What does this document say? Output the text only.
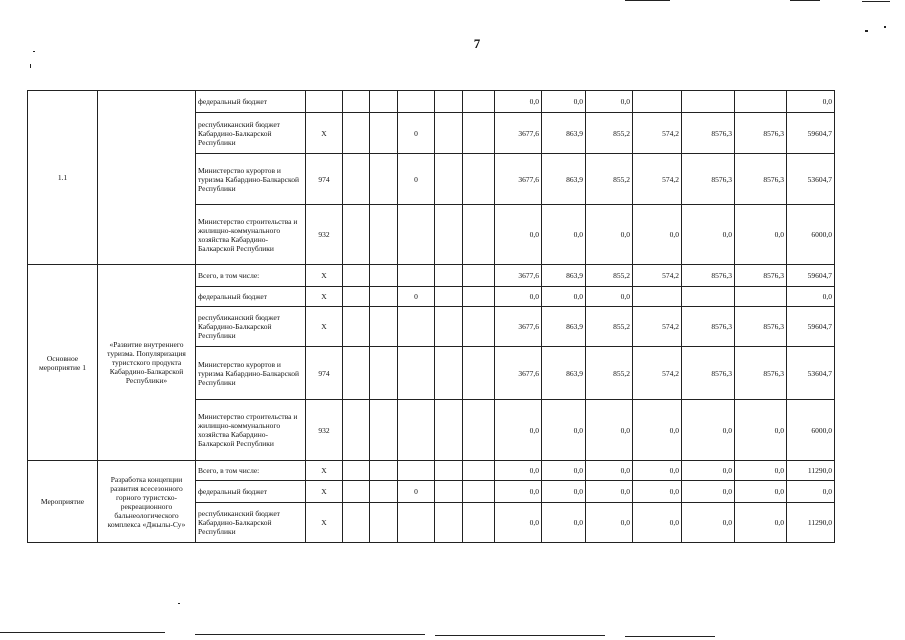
7
1.1		федеральный бюджет							0,0	0,0	0,0				0,0
		республиканский бюджет Кабардино-Балкарской Республики	Х			0			3677,6	863,9	855,2	574,2	8576,3	8576,3	59604,7
		Министерство курортов и туризма Кабардино-Балкарской Республики	974			0			3677,6	863,9	855,2	574,2	8576,3	8576,3	53604,7
		Министерство строительства и жилищно-коммунального хозяйства Кабардино-Балкарской Республики	932						0,0	0,0	0,0	0,0	0,0	0,0	6000,0
Основное мероприятие 1	«Развитие внутреннего туризма. Популяризация туристского продукта Кабардино-Балкарской Республики»	Всего, в том числе:	Х						3677,6	863,9	855,2	574,2	8576,3	8576,3	59604,7
		федеральный бюджет	Х			0			0,0	0,0	0,0				0,0
		республиканский бюджет Кабардино-Балкарской Республики	Х						3677,6	863,9	855,2	574,2	8576,3	8576,3	59604,7
		Министерство курортов и туризма Кабардино-Балкарской Республики	974						3677,6	863,9	855,2	574,2	8576,3	8576,3	53604,7
		Министерство строительства и жилищно-коммунального хозяйства Кабардино-Балкарской Республики	932						0,0	0,0	0,0	0,0	0,0	0,0	6000,0
Мероприятие	Разработка концепции развития всесезонного горного туристско-рекреационного бальнеологического комплекса «Джылы-Су»	Всего, в том числе:	Х						0,0	0,0	0,0	0,0	0,0	0,0	11290,0
		федеральный бюджет	Х			0			0,0	0,0	0,0	0,0	0,0	0,0	0,0
		республиканский бюджет Кабардино-Балкарской Республики	Х						0,0	0,0	0,0	0,0	0,0	0,0	11290,0
